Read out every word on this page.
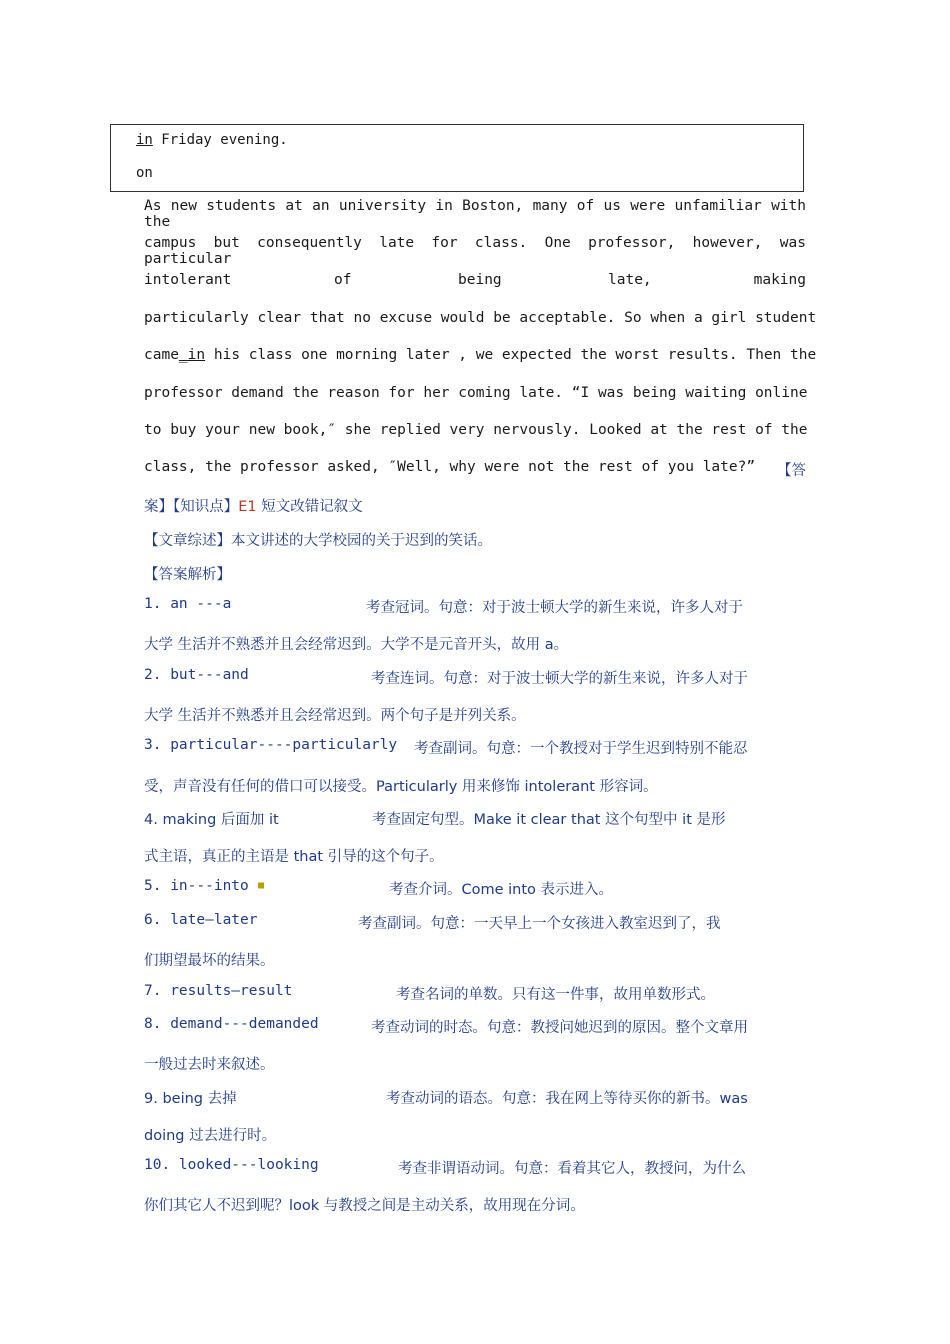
in Friday evening.
on
As new students at an university in Boston, many of us were unfamiliar with the
campus but consequently late for class. One professor, however, was particular
intolerant	of	being	late,	making
particularly clear that no excuse would be acceptable. So when a girl student
came_in his class one morning later , we expected the worst results. Then the
professor demand the reason for her coming late. “I was being waiting online
to buy your new book,″ she replied very nervously. Looked at the rest of the
class, the professor asked, ″Well, why were not the rest of you late?” 【答
案】【知识点】E1 短文改错记叙文
【文章综述】本文讲述的大学校园的关于迟到的笑话。
【答案解析】
1. an ---a	考查冠词。句意：对于波士顿大学的新生来说，许多人对于
大学 生活并不熟悉并且会经常迟到。大学不是元音开头，故用 a。
2. but---and	考查连词。句意：对于波士顿大学的新生来说，许多人对于
大学 生活并不熟悉并且会经常迟到。两个句子是并列关系。
3. particular----particularly 考查副词。句意：一个教授对于学生迟到特别不能忍
受，声音没有任何的借口可以接受。Particularly 用来修饰 intolerant 形容词。
4. making 后面加 it	考查固定句型。Make it clear that 这个句型中 it 是形
式主语，真正的主语是 that 引导的这个句子。
5. in---into ■	考查介词。Come into 表示进入。
6. late—later	考查副词。句意：一天早上一个女孩进入教室迟到了，我
们期望最坏的结果。
7. results—result	考查名词的单数。只有这一件事，故用单数形式。
8. demand---demanded	考查动词的时态。句意：教授问她迟到的原因。整个文章用
一般过去时来叙述。
9. being 去掉	考查动词的语态。句意：我在网上等待买你的新书。was
doing 过去进行时。
10. looked---looking	考查非谓语动词。句意：看着其它人，教授问，为什么
你们其它人不迟到呢？look 与教授之间是主动关系，故用现在分词。
